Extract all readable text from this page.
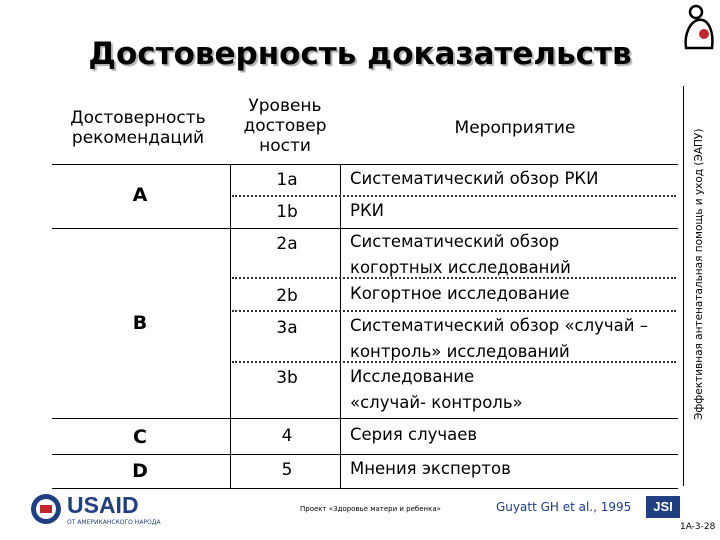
Достоверность доказательств
Эффективная антенатальная помощь и уход (ЭАПУ)
Достоверность рекомендаций
Уровень достовер ности
Мероприятие
A
B
C
D
1a
1b
2a
2b
3a
3b
4
5
Систематический обзор РКИ
РКИ
Систематический обзор
когортных исследований
Когортное исследование
Систематический обзор «случай –
контроль» исследований
Исследование
«случай- контроль»
Серия случаев
Мнения экспертов
USAID
ОТ АМЕРИКАНСКОГО НАРОДА
Проект «Здоровье матери и ребенка»	Guyatt GH et al., 1995	JSI
1A-3-28
